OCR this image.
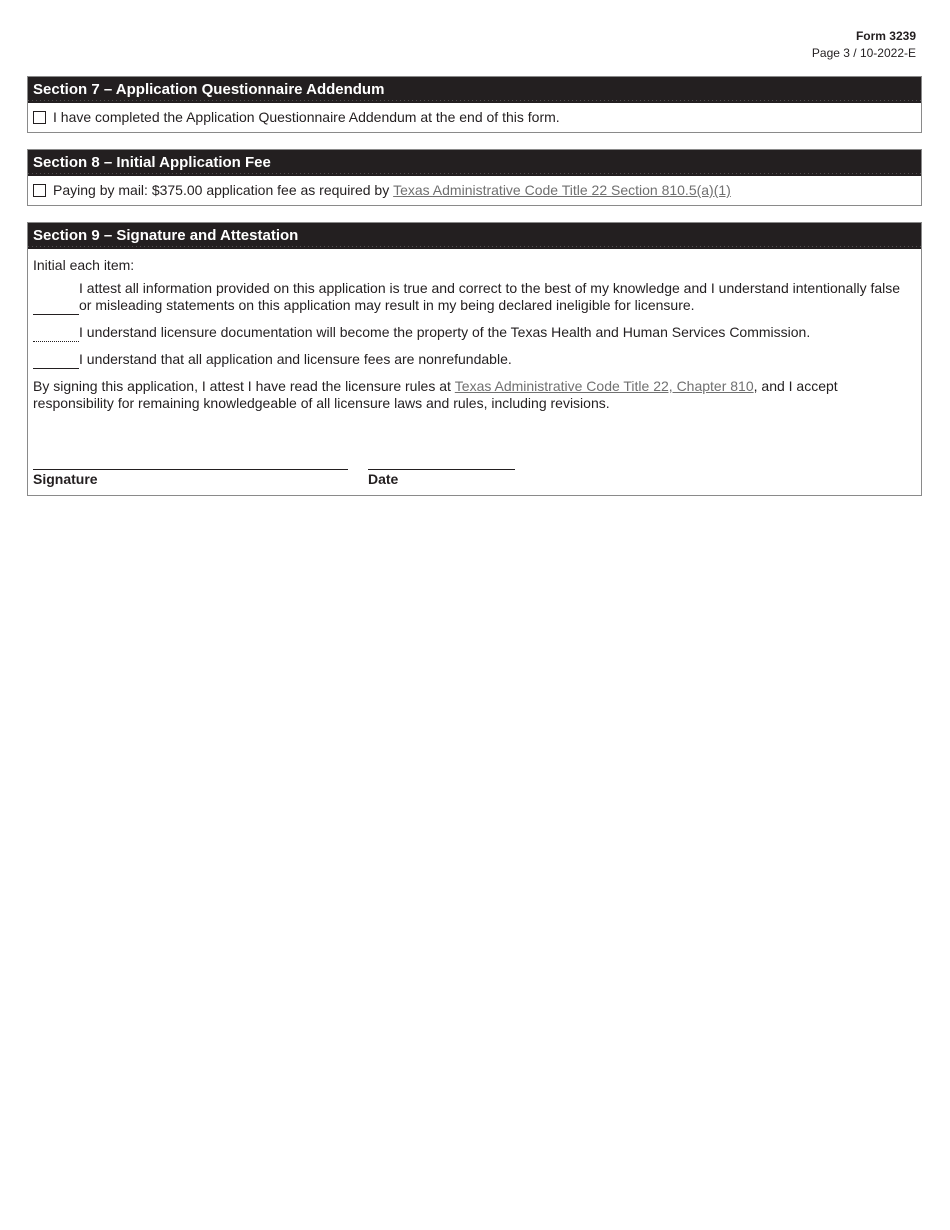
Form 3239
Page 3 / 10-2022-E
Section 7 – Application Questionnaire Addendum
I have completed the Application Questionnaire Addendum at the end of this form.
Section 8 – Initial Application Fee
Paying by mail: $375.00 application fee as required by Texas Administrative Code Title 22 Section 810.5(a)(1)
Section 9 – Signature and Attestation
Initial each item:
I attest all information provided on this application is true and correct to the best of my knowledge and I understand intentionally false or misleading statements on this application may result in my being declared ineligible for licensure.
I understand licensure documentation will become the property of the Texas Health and Human Services Commission.
I understand that all application and licensure fees are nonrefundable.
By signing this application, I attest I have read the licensure rules at Texas Administrative Code Title 22, Chapter 810, and I accept responsibility for remaining knowledgeable of all licensure laws and rules, including revisions.
Signature	Date
